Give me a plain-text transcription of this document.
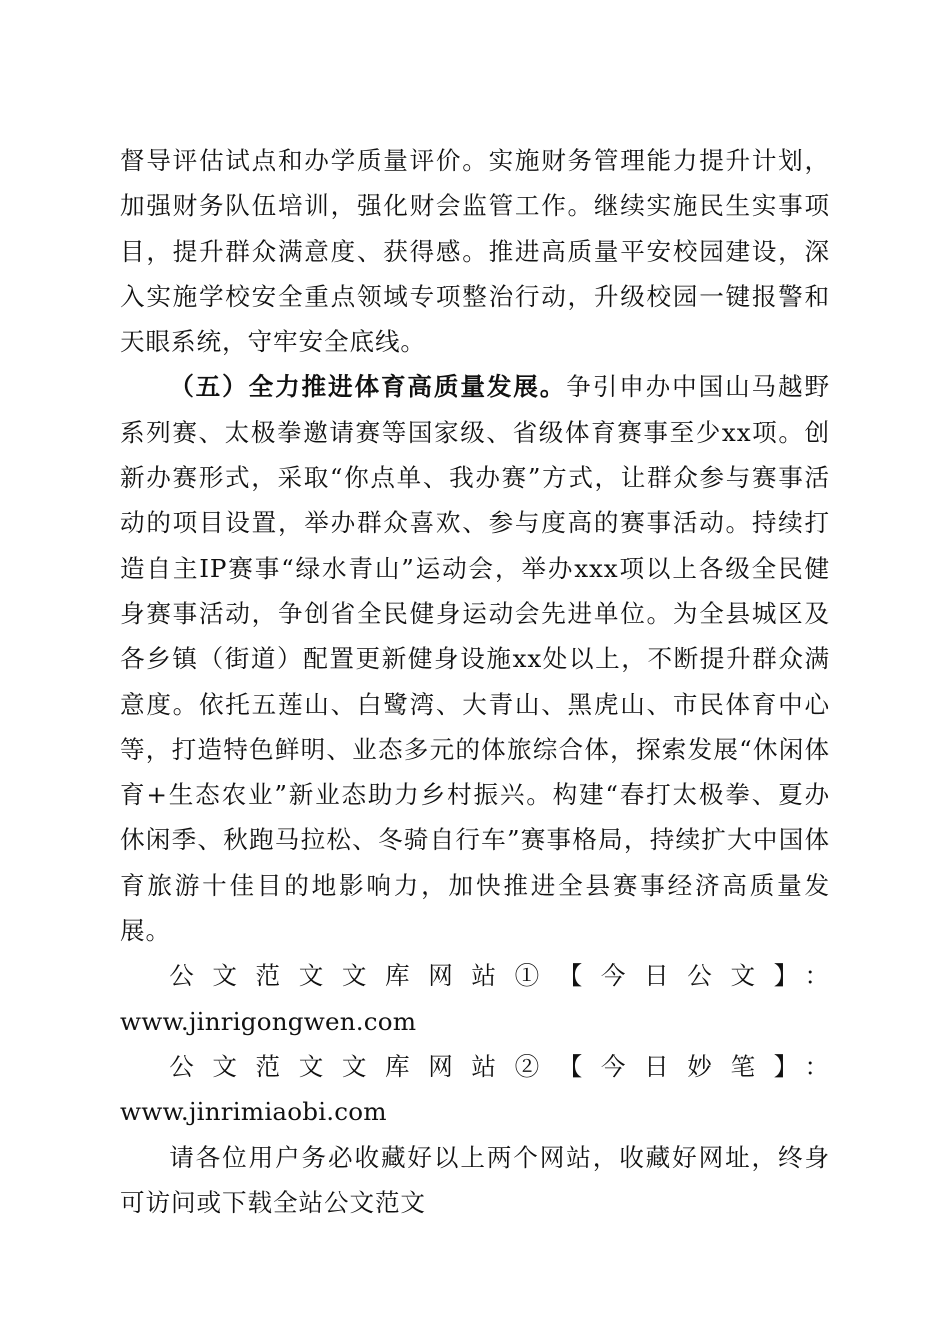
督导评估试点和办学质量评价。实施财务管理能力提升计划，加强财务队伍培训，强化财会监管工作。继续实施民生实事项目，提升群众满意度、获得感。推进高质量平安校园建设，深入实施学校安全重点领域专项整治行动，升级校园一键报警和天眼系统，守牢安全底线。

（五）全力推进体育高质量发展。争引申办中国山马越野系列赛、太极拳邀请赛等国家级、省级体育赛事至少xx项。创新办赛形式，采取“你点单、我办赛”方式，让群众参与赛事活动的项目设置，举办群众喜欢、参与度高的赛事活动。持续打造自主IP赛事“绿水青山”运动会，举办xxx项以上各级全民健身赛事活动，争创省全民健身运动会先进单位。为全县城区及各乡镇（街道）配置更新健身设施xx处以上，不断提升群众满意度。依托五莲山、白鹭湾、大青山、黑虎山、市民体育中心等，打造特色鲜明、业态多元的体旅综合体，探索发展“休闲体育+生态农业”新业态助力乡村振兴。构建“春打太极拳、夏办休闲季、秋跑马拉松、冬骑自行车”赛事格局，持续扩大中国体育旅游十佳目的地影响力，加快推进全县赛事经济高质量发展。

公文范文文库网站①【今日公文】：www.jinrigongwen.com

公文范文文库网站②【今日妙笔】：www.jinrimiaobi.com

请各位用户务必收藏好以上两个网站，收藏好网址，终身可访问或下载全站公文范文
